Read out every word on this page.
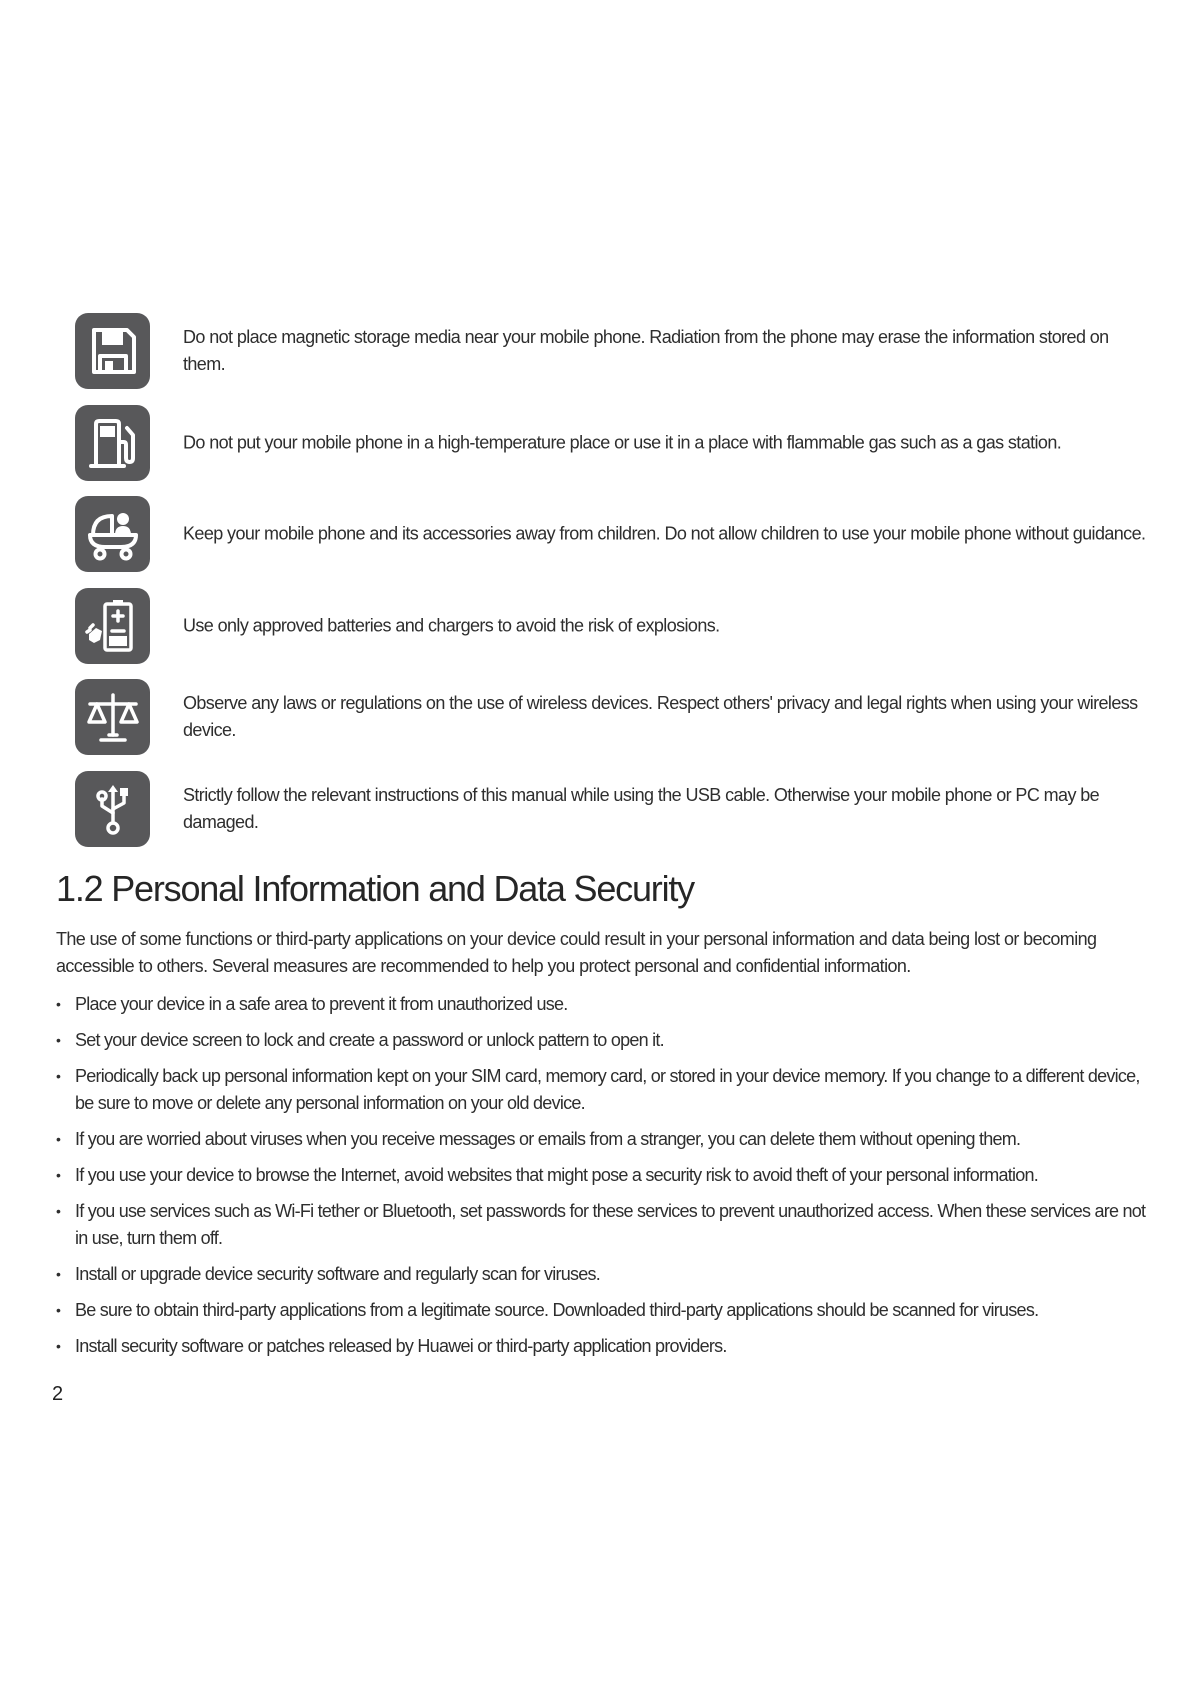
Do not place magnetic storage media near your mobile phone. Radiation from the phone may erase the information stored on them.
Do not put your mobile phone in a high-temperature place or use it in a place with flammable gas such as a gas station.
Keep your mobile phone and its accessories away from children. Do not allow children to use your mobile phone without guidance.
Use only approved batteries and chargers to avoid the risk of explosions.
Observe any laws or regulations on the use of wireless devices. Respect others' privacy and legal rights when using your wireless device.
Strictly follow the relevant instructions of this manual while using the USB cable. Otherwise your mobile phone or PC may be damaged.
1.2 Personal Information and Data Security

The use of some functions or third-party applications on your device could result in your personal information and data being lost or becoming accessible to others. Several measures are recommended to help you protect personal and confidential information.

• Place your device in a safe area to prevent it from unauthorized use.
• Set your device screen to lock and create a password or unlock pattern to open it.
• Periodically back up personal information kept on your SIM card, memory card, or stored in your device memory. If you change to a different device, be sure to move or delete any personal information on your old device.
• If you are worried about viruses when you receive messages or emails from a stranger, you can delete them without opening them.
• If you use your device to browse the Internet, avoid websites that might pose a security risk to avoid theft of your personal information.
• If you use services such as Wi-Fi tether or Bluetooth, set passwords for these services to prevent unauthorized access. When these services are not in use, turn them off.
• Install or upgrade device security software and regularly scan for viruses.
• Be sure to obtain third-party applications from a legitimate source. Downloaded third-party applications should be scanned for viruses.
• Install security software or patches released by Huawei or third-party application providers.
2
